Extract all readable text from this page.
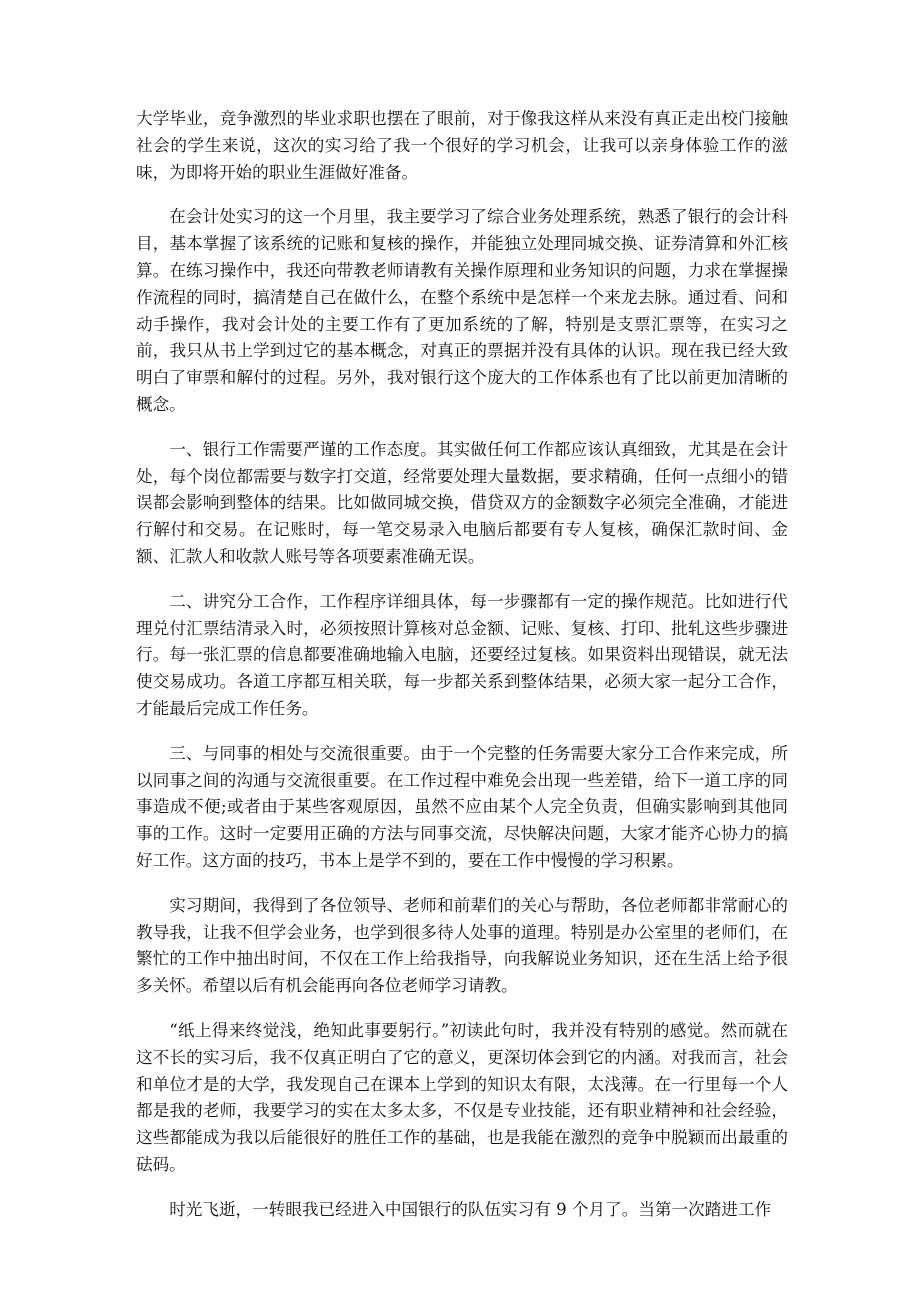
大学毕业，竞争激烈的毕业求职也摆在了眼前，对于像我这样从来没有真正走出校门接触社会的学生来说，这次的实习给了我一个很好的学习机会，让我可以亲身体验工作的滋味，为即将开始的职业生涯做好准备。

在会计处实习的这一个月里，我主要学习了综合业务处理系统，熟悉了银行的会计科目，基本掌握了该系统的记账和复核的操作，并能独立处理同城交换、证券清算和外汇核算。在练习操作中，我还向带教老师请教有关操作原理和业务知识的问题，力求在掌握操作流程的同时，搞清楚自己在做什么，在整个系统中是怎样一个来龙去脉。通过看、问和动手操作，我对会计处的主要工作有了更加系统的了解，特别是支票汇票等，在实习之前，我只从书上学到过它的基本概念，对真正的票据并没有具体的认识。现在我已经大致明白了审票和解付的过程。另外，我对银行这个庞大的工作体系也有了比以前更加清晰的概念。

一、银行工作需要严谨的工作态度。其实做任何工作都应该认真细致，尤其是在会计处，每个岗位都需要与数字打交道，经常要处理大量数据，要求精确，任何一点细小的错误都会影响到整体的结果。比如做同城交换，借贷双方的金额数字必须完全准确，才能进行解付和交易。在记账时，每一笔交易录入电脑后都要有专人复核，确保汇款时间、金额、汇款人和收款人账号等各项要素准确无误。

二、讲究分工合作，工作程序详细具体，每一步骤都有一定的操作规范。比如进行代理兑付汇票结清录入时，必须按照计算核对总金额、记账、复核、打印、批轧这些步骤进行。每一张汇票的信息都要准确地输入电脑，还要经过复核。如果资料出现错误，就无法使交易成功。各道工序都互相关联，每一步都关系到整体结果，必须大家一起分工合作，才能最后完成工作任务。

三、与同事的相处与交流很重要。由于一个完整的任务需要大家分工合作来完成，所以同事之间的沟通与交流很重要。在工作过程中难免会出现一些差错，给下一道工序的同事造成不便;或者由于某些客观原因，虽然不应由某个人完全负责，但确实影响到其他同事的工作。这时一定要用正确的方法与同事交流，尽快解决问题，大家才能齐心协力的搞好工作。这方面的技巧，书本上是学不到的，要在工作中慢慢的学习积累。

实习期间，我得到了各位领导、老师和前辈们的关心与帮助，各位老师都非常耐心的教导我，让我不但学会业务，也学到很多待人处事的道理。特别是办公室里的老师们，在繁忙的工作中抽出时间，不仅在工作上给我指导，向我解说业务知识，还在生活上给予很多关怀。希望以后有机会能再向各位老师学习请教。

“纸上得来终觉浅，绝知此事要躬行。”初读此句时，我并没有特别的感觉。然而就在这不长的实习后，我不仅真正明白了它的意义，更深切体会到它的内涵。对我而言，社会和单位才是的大学，我发现自己在课本上学到的知识太有限，太浅薄。在一行里每一个人都是我的老师，我要学习的实在太多太多，不仅是专业技能，还有职业精神和社会经验，这些都能成为我以后能很好的胜任工作的基础，也是我能在激烈的竞争中脱颖而出最重的砝码。

时光飞逝，一转眼我已经进入中国银行的队伍实习有 9 个月了。当第一次踏进工作
